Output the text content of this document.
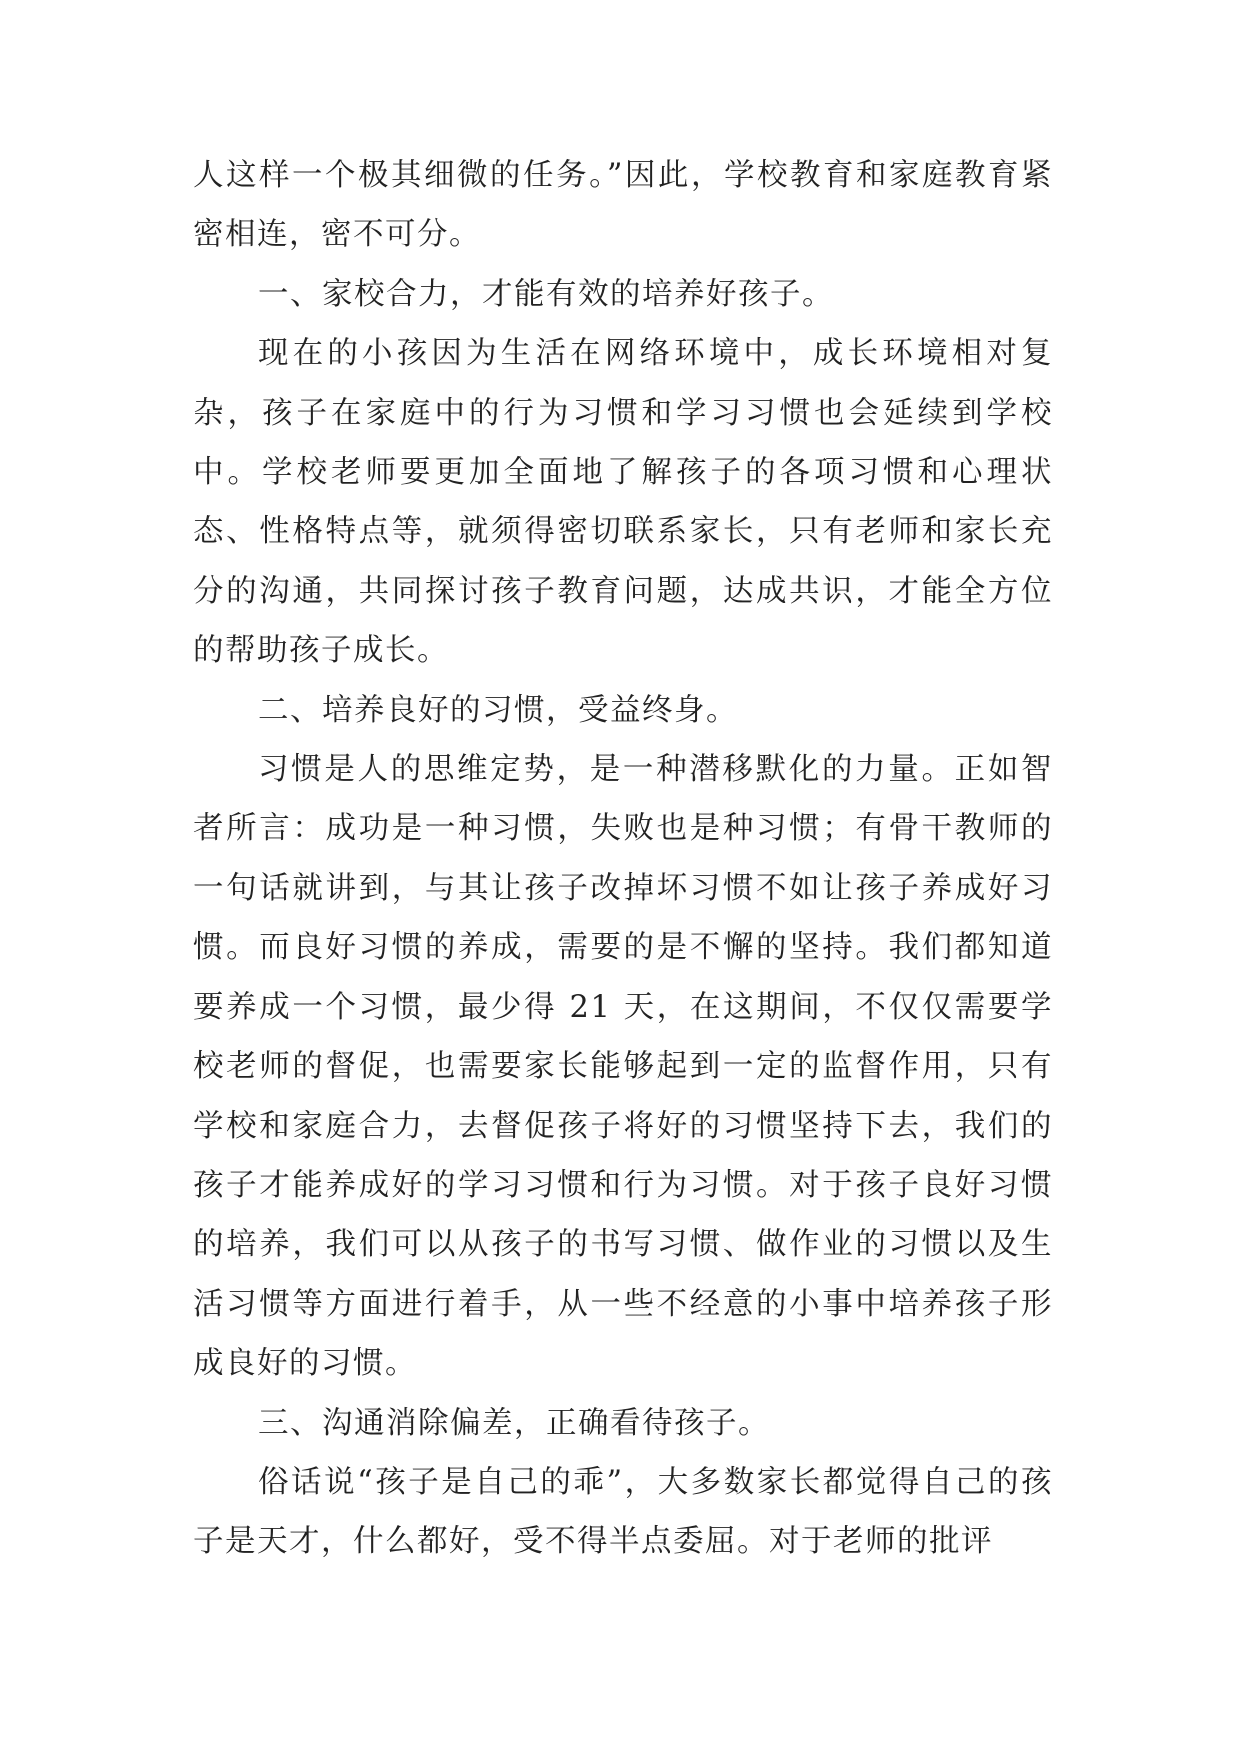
人这样一个极其细微的任务。”因此，学校教育和家庭教育紧密相连，密不可分。

一、家校合力，才能有效的培养好孩子。

现在的小孩因为生活在网络环境中，成长环境相对复杂，孩子在家庭中的行为习惯和学习习惯也会延续到学校中。学校老师要更加全面地了解孩子的各项习惯和心理状态、性格特点等，就须得密切联系家长，只有老师和家长充分的沟通，共同探讨孩子教育问题，达成共识，才能全方位的帮助孩子成长。

二、培养良好的习惯，受益终身。

习惯是人的思维定势，是一种潜移默化的力量。正如智者所言：成功是一种习惯，失败也是种习惯；有骨干教师的一句话就讲到，与其让孩子改掉坏习惯不如让孩子养成好习惯。而良好习惯的养成，需要的是不懈的坚持。我们都知道要养成一个习惯，最少得 21 天，在这期间，不仅仅需要学校老师的督促，也需要家长能够起到一定的监督作用，只有学校和家庭合力，去督促孩子将好的习惯坚持下去，我们的孩子才能养成好的学习习惯和行为习惯。对于孩子良好习惯的培养，我们可以从孩子的书写习惯、做作业的习惯以及生活习惯等方面进行着手，从一些不经意的小事中培养孩子形成良好的习惯。

三、沟通消除偏差，正确看待孩子。

俗话说“孩子是自己的乖”，大多数家长都觉得自己的孩子是天才，什么都好，受不得半点委屈。对于老师的批评
